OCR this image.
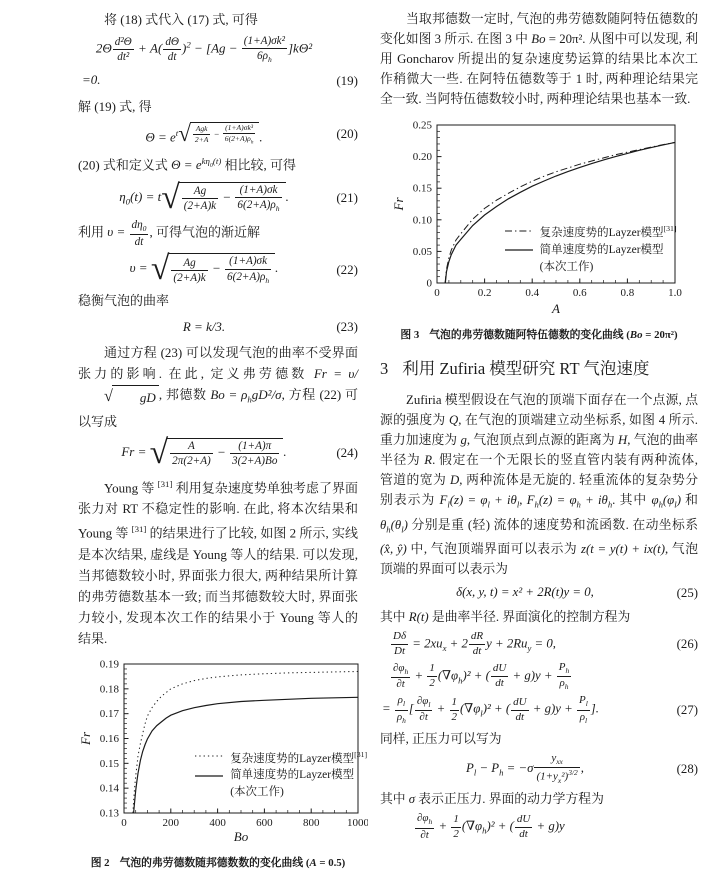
将 (18) 式代入 (17) 式, 可得
$2\Theta \frac{\text{d²Θ}}{\text{dt²}} + A( \frac{d\Theta}{dt} )^2 - [Ag - \frac{\text{(1+A)σk²}}{6\rho_h} ]k\Theta^2$
=0.	(19)
解 (19) 式, 得
$\Theta = e^{t √ \frac{\text{Agk}}{2+A} - \frac{\text{(1+A)σk³}}{6(2+A)\rho_h}}$ .	(20)
(20) 式和定义式 $\Theta = e^{k\eta_0(t)}$ 相比较, 可得
$\eta_0(t) = t$ √ $\frac{Ag}{(2+A)k} - \frac{(1+A)\sigma k}{6(2+A)\rho_h}$ .	(21)
利用 $\upsilon = \frac{d\eta_0}{dt}$ , 可得气泡的渐近解
υ = √ $\frac{Ag}{(2+A)k} - \frac{(1+A)\sigma k}{6(2+A)\rho_h}$ .	(22)
稳衡气泡的曲率
R = k/3.	(23)
通过方程 (23) 可以发现气泡的曲率不受界面张力的影响. 在此, 定义弗劳德数 Fr = υ/
√	gD , 邦德数 $Bo = \rho_hgD^2/\sigma$, 方程 (22) 可以写成
Fr = √ $\frac{A}{2\pi(2+A)} - \frac{(1+A)\pi}{3(2+A)Bo}$ .	(24)
Young 等 [31] 利用复杂速度势单独考虑了界面张力对 RT 不稳定性的影响. 在此, 将本次结果和 Young 等 [31] 的结果进行了比较, 如图 2 所示, 实线是本次结果, 虚线是 Young 等人的结果. 可以发现, 当邦德数较小时, 界面张力很大, 两种结果所计算的弗劳德数基本一致; 而当邦德数较大时, 界面张力较小, 发现本次工作的结果小于 Young 等人的结果.
0	200	400	600	800	1000
0.13
0.14
0.15
0.16
0.17
0.18
0.19
Bo
Fr
复杂速度势的Layzer模型[31]
简单速度势的Layzer模型
(本次工作)
图 2 气泡的弗劳德数随邦德数数的变化曲线 (A = 0.5)
当取邦德数一定时, 气泡的弗劳德数随阿特伍德数的变化如图 3 所示. 在图 3 中 Bo = 20π². 从图中可以发现, 利用 Goncharov 所提出的复杂速度势运算的结果比本次工作稍微大一些. 在阿特伍德数等于 1 时, 两种理论结果完全一致. 当阿特伍德数较小时, 两种理论结果也基本一致.
0	0.2	0.4	0.6	0.8	1.0
0
0.05
0.10
0.15
0.20
0.25
A
Fr
复杂速度势的Layzer模型[31]
简单速度势的Layzer模型
(本次工作)
图 3 气泡的弗劳德数随阿特伍德数的变化曲线 (Bo = 20π²)
3 利用 Zufiria 模型研究 RT 气泡速度
Zufiria 模型假设在气泡的顶端下面存在一个点源, 点源的强度为 Q, 在气泡的顶端建立动坐标系, 如图 4 所示. 重力加速度为 g, 气泡顶点到点源的距离为 H, 气泡的曲率半径为 R. 假定在一个无限长的竖直管内装有两种流体, 管道的宽为 D, 两种流体是无旋的. 轻重流体的复杂势分别表示为 $F_l(z) = \varphi_l + i\theta_l$, $F_h(z) = \varphi_h + i\theta_h$. 其中 $\varphi_h(\varphi_l)$ 和 $\theta_h(\theta_l)$ 分别是重 (轻) 流体的速度势和流函数. 在动坐标系 (x̂, ŷ) 中, 气泡顶端界面可以表示为 z(t = y(t) + ix(t), 气泡顶端的界面可以表示为
δ(x, y, t) = x² + 2R(t)y = 0,	(25)
其中 R(t) 是曲率半径. 界面演化的控制方程为
$\frac{D\delta}{Dt} = 2xu_x + 2 \frac{dR}{dt}$ $y + 2Ru_y = 0$,	(26)
$\frac{\partial\varphi_h}{\partial t} + \frac{1}{2} (\nabla\varphi_h)^2$ + ( $\frac{dU}{dt} + g)y + \frac{P_h}{\rho_h}$
= $\frac{\rho_l}{\rho_h}$ [ $\frac{\partial\varphi_l}{\partial t} + \frac{1}{2} (\nabla\varphi_l)^2$ + ( $\frac{dU}{dt} + g)y + \frac{P_l}{\rho_l}$ ].	(27)
同样, 正压力可以写为
$P_l - P_h = -\sigma \frac{y_{xx}}{(1+y_x^2)^{3/2}}$ ,	(28)
其中 σ 表示正压力. 界面的动力学方程为
$\frac{\partial\varphi_h}{\partial t} + \frac{1}{2} (\nabla\varphi_h)^2$ + ( $\frac{dU}{dt} + g)y$
